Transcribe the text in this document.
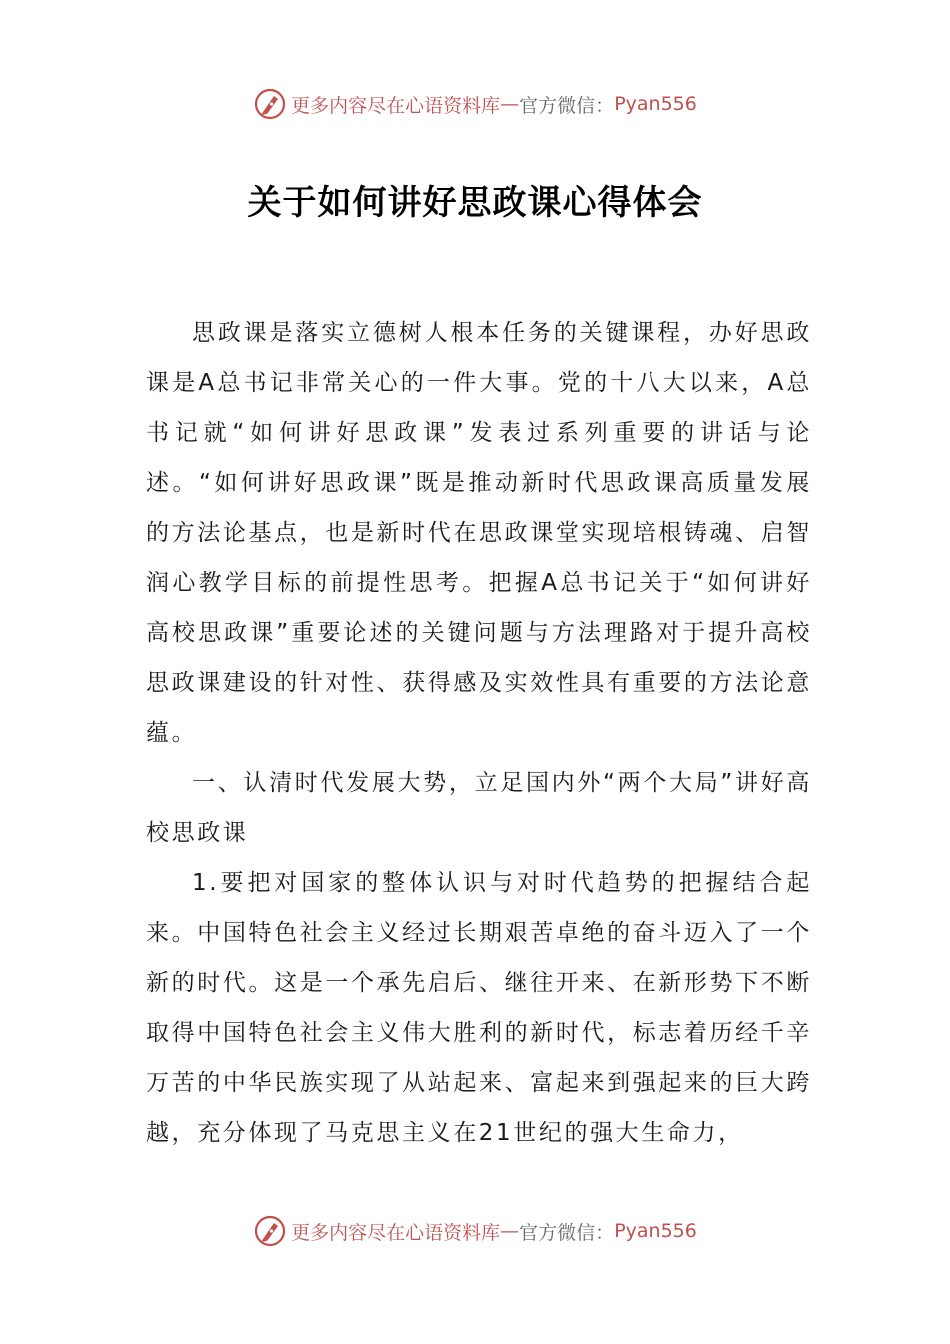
更多内容尽在心语资料库 — 官方微信： Pyan556
关于如何讲好思政课心得体会

思政课是落实立德树人根本任务的关键课程，办好思政课是A总书记非常关心的一件大事。党的十八大以来，A总书记就“如何讲好思政课”发表过系列重要的讲话与论述。“如何讲好思政课”既是推动新时代思政课高质量发展的方法论基点，也是新时代在思政课堂实现培根铸魂、启智润心教学目标的前提性思考。把握A总书记关于“如何讲好高校思政课”重要论述的关键问题与方法理路对于提升高校思政课建设的针对性、获得感及实效性具有重要的方法论意蕴。

一、认清时代发展大势，立足国内外“两个大局”讲好高校思政课

1.要把对国家的整体认识与对时代趋势的把握结合起来。中国特色社会主义经过长期艰苦卓绝的奋斗迈入了一个新的时代。这是一个承先启后、继往开来、在新形势下不断取得中国特色社会主义伟大胜利的新时代，标志着历经千辛万苦的中华民族实现了从站起来、富起来到强起来的巨大跨越，充分体现了马克思主义在21世纪的强大生命力，

更多内容尽在心语资料库 — 官方微信： Pyan556
